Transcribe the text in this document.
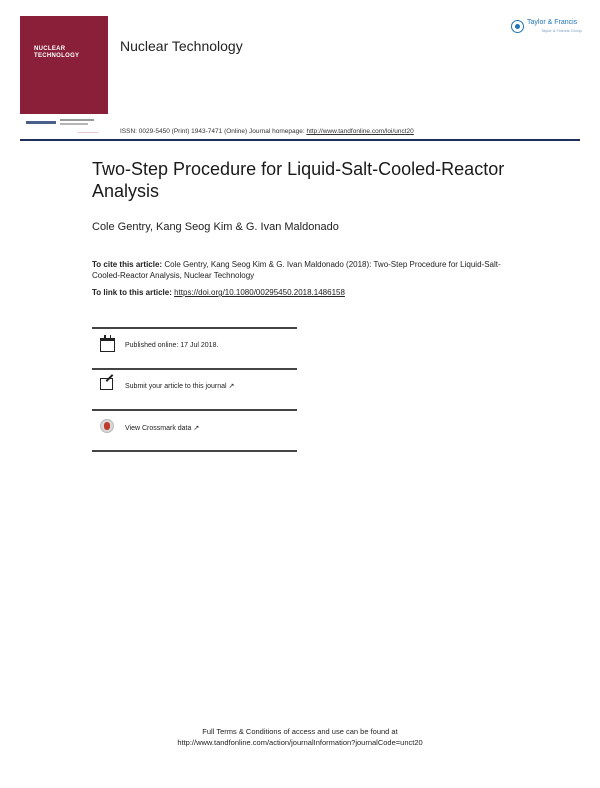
NUCLEAR
TECHNOLOGY
Nuclear Technology
Taylor & Francis
Taylor & Francis Group
ISSN: 0029-5450 (Print) 1943-7471 (Online) Journal homepage: http://www.tandfonline.com/loi/unct20
Two-Step Procedure for Liquid-Salt-Cooled-Reactor Analysis
Cole Gentry, Kang Seog Kim & G. Ivan Maldonado
To cite this article: Cole Gentry, Kang Seog Kim & G. Ivan Maldonado (2018): Two-Step Procedure for Liquid-Salt-Cooled-Reactor Analysis, Nuclear Technology
To link to this article: https://doi.org/10.1080/00295450.2018.1486158
Published online: 17 Jul 2018.
Submit your article to this journal ↗
View Crossmark data ↗
Full Terms & Conditions of access and use can be found at
http://www.tandfonline.com/action/journalInformation?journalCode=unct20
